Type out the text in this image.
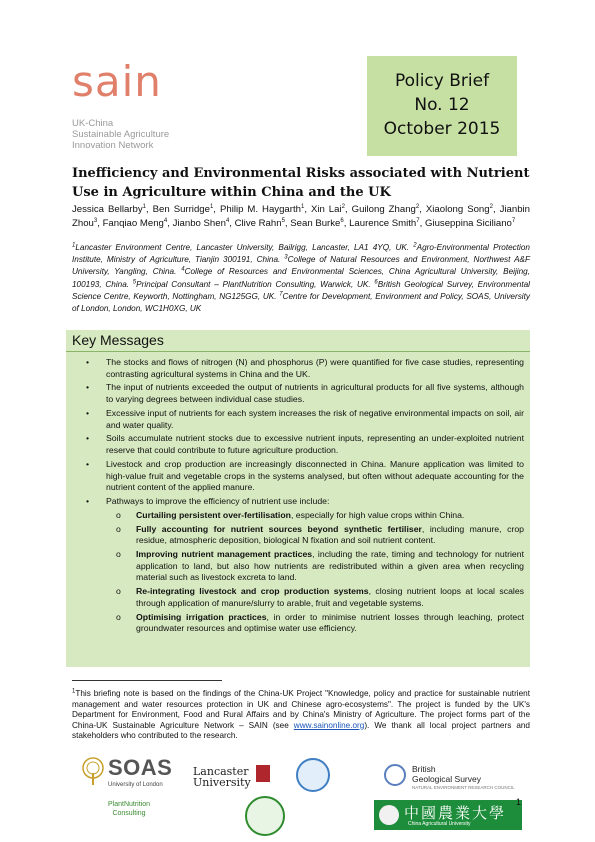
sain
UK-China
Sustainable Agriculture
Innovation Network
Policy Brief
No. 12
October 2015
Inefficiency and Environmental Risks associated with Nutrient Use in Agriculture within China and the UK
Jessica Bellarby$^1$, Ben Surridge$^1$, Philip M. Haygarth$^1$, Xin Lai$^2$, Guilong Zhang$^2$, Xiaolong Song$^2$, Jianbin Zhou$^3$, Fanqiao Meng$^4$, Jianbo Shen$^4$, Clive Rahn$^5$, Sean Burke$^6$, Laurence Smith$^7$, Giuseppina Siciliano$^7$
$^1$Lancaster Environment Centre, Lancaster University, Bailrigg, Lancaster, LA1 4YQ, UK. $^2$Agro-Environmental Protection Institute, Ministry of Agriculture, Tianjin 300191, China. $^3$College of Natural Resources and Environment, Northwest A&F University, Yangling, China. $^4$College of Resources and Environmental Sciences, China Agricultural University, Beijing, 100193, China. $^5$Principal Consultant – PlantNutrition Consulting, Warwick, UK. $^6$British Geological Survey, Environmental Science Centre, Keyworth, Nottingham, NG125GG, UK. $^7$Centre for Development, Environment and Policy, SOAS, University of London, London, WC1H0XG, UK
Key Messages
• The stocks and flows of nitrogen (N) and phosphorus (P) were quantified for five case studies, representing contrasting agricultural systems in China and the UK.
• The input of nutrients exceeded the output of nutrients in agricultural products for all five systems, although to varying degrees between individual case studies.
• Excessive input of nutrients for each system increases the risk of negative environmental impacts on soil, air and water quality.
• Soils accumulate nutrient stocks due to excessive nutrient inputs, representing an under-exploited nutrient reserve that could contribute to future agriculture production.
• Livestock and crop production are increasingly disconnected in China. Manure application was limited to high-value fruit and vegetable crops in the systems analysed, but often without adequate accounting for the nutrient content of the applied manure.
• Pathways to improve the efficiency of nutrient use include:
o Curtailing persistent over-fertilisation, especially for high value crops within China.
o Fully accounting for nutrient sources beyond synthetic fertiliser, including manure, crop residue, atmospheric deposition, biological N fixation and soil nutrient content.
o Improving nutrient management practices, including the rate, timing and technology for nutrient application to land, but also how nutrients are redistributed within a given area when recycling material such as livestock excreta to land.
o Re-integrating livestock and crop production systems, closing nutrient loops at local scales through application of manure/slurry to arable, fruit and vegetable systems.
o Optimising irrigation practices, in order to minimise nutrient losses through leaching, protect groundwater resources and optimise water use efficiency.
$^1$This briefing note is based on the findings of the China-UK Project "Knowledge, policy and practice for sustainable nutrient management and water resources protection in UK and Chinese agro-ecosystems". The project is funded by the UK's Department for Environment, Food and Rural Affairs and by China's Ministry of Agriculture. The project forms part of the China-UK Sustainable Agriculture Network – SAIN (see www.sainonline.org). We thank all local project partners and stakeholders who contributed to the research.
SOAS
University of London
PlantNutrition
Consulting
Lancaster
University
British
Geological Survey
NATURAL ENVIRONMENT RESEARCH COUNCIL
中國農業大學
China Agricultural University
1
